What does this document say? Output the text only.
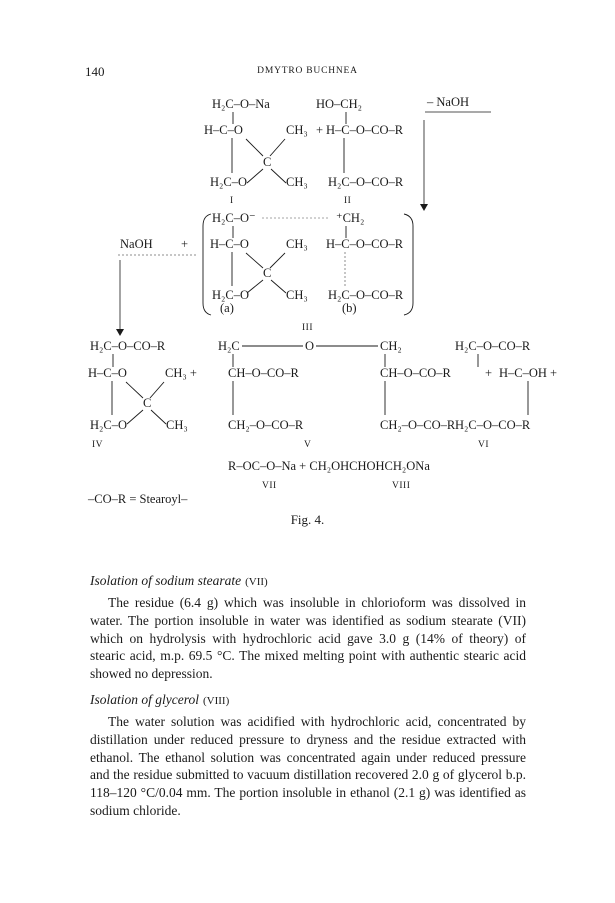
140	DMYTRO BUCHNEA
H₂C–O–Na
H–C–O	CH₃
C
H₂C–O	CH₃
I
+
HO–CH₂
H–C–O–CO–R
H₂C–O–CO–R
II
– NaOH
NaOH +
H₂C–O⁻
H–C–O	CH₃
C
H₂C–O	CH₃
(a)
⁺CH₂
H–C–O–CO–R
H₂C–O–CO–R
(b)
III
H₂C–O–CO–R
H–C–O	CH₃ +
C
H₂C–O	CH₃
IV
H₂C	O	CH₂
CH–O–CO–R	CH–O–CO–R
CH₂–O–CO–R	CH₂–O–CO–R
V
+
H₂C–O–CO–R
H–C–OH +
H₂C–O–CO–R
VI
R–OC–O–Na + CH₂OHCHOHCH₂ONa
VII	VIII
–CO–R = Stearoyl–
Fig. 4.
Isolation of sodium stearate (VII)

The residue (6.4 g) which was insoluble in chlorioform was dissolved in water. The portion insoluble in water was identified as sodium stearate (VII) which on hydrolysis with hydrochloric acid gave 3.0 g (14% of theory) of stearic acid, m.p. 69.5 °C. The mixed melting point with authentic stearic acid showed no depression.

Isolation of glycerol (VIII)

The water solution was acidified with hydrochloric acid, concentrated by distillation under reduced pressure to dryness and the residue extracted with ethanol. The ethanol solution was concentrated again under reduced pressure and the residue submitted to vacuum distillation recovered 2.0 g of glycerol b.p. 118–120 °C/0.04 mm. The portion insoluble in ethanol (2.1 g) was identified as sodium chloride.
